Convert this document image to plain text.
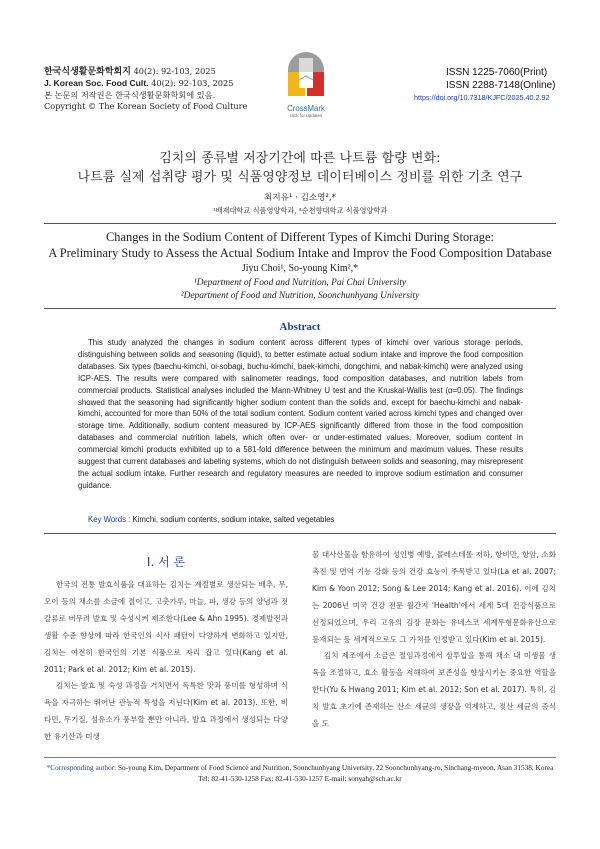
한국식생활문화학회지 40(2): 92-103, 2025
J. Korean Soc. Food Cult. 40(2): 92-103, 2025
본 논문의 저작권은 한국식생활문화학회에 있음.
Copyright © The Korean Society of Food Culture	CrossMark
click for updates
ISSN 1225-7060(Print)
ISSN 2288-7148(Online)
https://doi.org/10.7318/KJFC/2025.40.2.92
김치의 종류별 저장기간에 따른 나트륨 함량 변화:
나트륨 실제 섭취량 평가 및 식품영양정보 데이터베이스 정비를 위한 기초 연구
최지유¹ · 김소영²,*
¹배재대학교 식품영양학과, ²순천향대학교 식품영양학과
Changes in the Sodium Content of Different Types of Kimchi During Storage:
A Preliminary Study to Assess the Actual Sodium Intake and Improv the Food Composition Database
Jiyu Choi¹, So-young Kim²,*
¹Department of Food and Nutrition, Pai Chai University
²Department of Food and Nutrition, Soonchunhyang University
Abstract
This study analyzed the changes in sodium content across different types of kimchi over various storage periods, distinguishing between solids and seasoning (liquid), to better estimate actual sodium intake and improve the food composition databases. Six types (baechu-kimchi, oi-sobagi, buchu-kimchi, baek-kimchi, dongchimi, and nabak-kimchi) were analyzed using ICP-AES. The results were compared with salinometer readings, food composition databases, and nutrition labels from commercial products. Statistical analyses included the Mann-Whitney U test and the Kruskal-Wallis test (α=0.05). The findings showed that the seasoning had significantly higher sodium content than the solids and, except for baechu-kimchi and nabak-kimchi, accounted for more than 50% of the total sodium content. Sodium content varied across kimchi types and changed over storage time. Additionally, sodium content measured by ICP-AES significantly differed from those in the food composition databases and commercial nutrition labels, which often over- or under-estimated values. Moreover, sodium content in commercial kimchi products exhibited up to a 581-fold difference between the minimum and maximum values. These results suggest that current databases and labeling systems, which do not distinguish between solids and seasoning, may misrepresent the actual sodium intake. Further research and regulatory measures are needed to improve sodium estimation and consumer guidance.
Key Words : Kimchi, sodium contents, sodium intake, salted vegetables
Ⅰ. 서 론

한국의 전통 발효식품을 대표하는 김치는 계절별로 생산되는 배추, 무, 오이 등의 채소를 소금에 절이고, 고춧가루, 마늘, 파, 생강 등의 양념과 젓갈류로 버무려 발효 및 숙성시켜 제조한다(Lee & Ahn 1995). 경제발전과 생활 수준 향상에 따라 한국인의 식사 패턴이 다양하게 변화하고 있지만, 김치는 여전히 한국인의 기본 식품으로 자리 잡고 있다(Kang et al. 2011; Park et al. 2012; Kim et al. 2015).

김치는 발효 및 숙성 과정을 거치면서 독특한 맛과 풍미를 형성하며 식욕을 자극하는 뛰어난 관능적 특성을 지닌다(Kim et al. 2013). 또한, 비타민, 무기질, 섬유소가 풍부할 뿐만 아니라, 발효 과정에서 생성되는 다양한 유기산과 미생

물 대사산물을 함유하여 성인병 예방, 콜레스테롤 저하, 항비만, 항암, 소화 촉진 및 면역 기능 강화 등의 건강 효능이 주목받고 있다(La et al. 2007; Kim & Yoon 2012; Song & Lee 2014; Kang et al. 2016). 이에 김치는 2006년 미국 건강 전문 월간지 'Health'에서 세계 5대 건강식품으로 선정되었으며, 우리 고유의 김장 문화는 유네스코 세계무형문화유산으로 등재되는 등 세계적으로도 그 가치를 인정받고 있다(Kim et al. 2015).

김치 제조에서 소금은 절임과정에서 삼투압을 통해 채소 내 미생물 생육을 조절하고, 효소 활동을 저해하여 보존성을 향상시키는 중요한 역할을 한다(Yu & Hwang 2011; Kim et al. 2012; Son et al. 2017). 특히, 김치 발효 초기에 존재하는 산소 세균의 생장을 억제하고, 젖산 세균의 증식을 도

*Corresponding author: So-young Kim, Department of Food Science and Nutrition, Soonchunhyang University, 22 Soonchunhyang-ro, Sinchang-myeon, Asan 31538, Korea
Tel: 82-41-530-1258 Fax: 82-41-530-1257 E-mail: sonyah@sch.ac.kr
